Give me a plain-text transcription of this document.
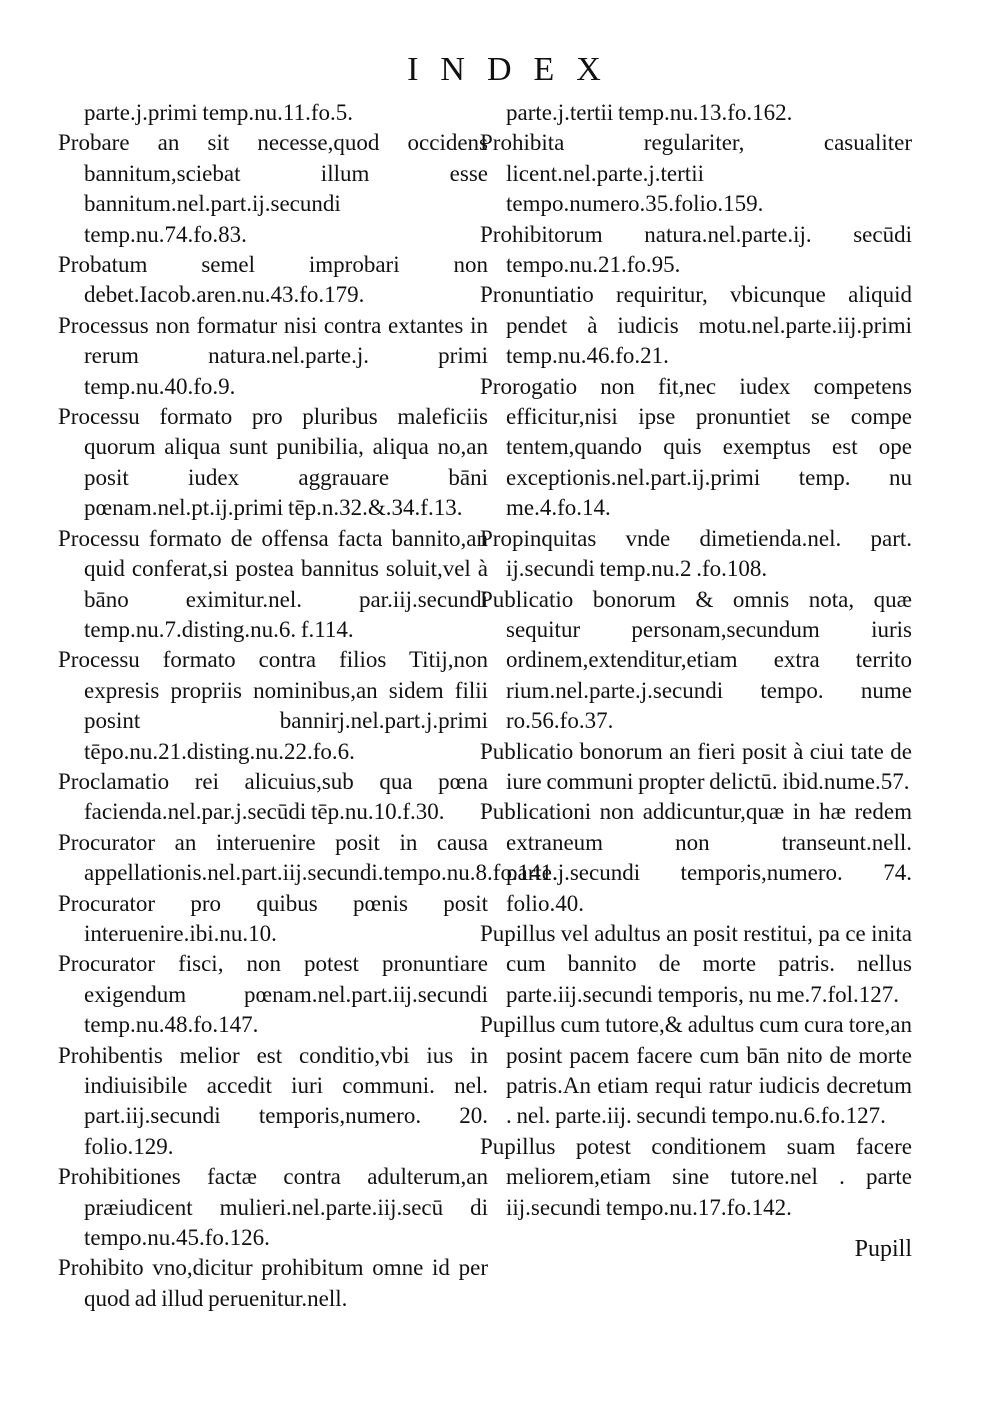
INDEX

parte.j.primi temp.nu.11.fo.5.

Probare an sit necesse,quod occidens bannitum,sciebat illum esse bannitum.nel.part.ij.secundi temp.nu.74.fo.83.

Probatum semel improbari non debet.Iacob.aren.nu.43.fo.179.

Processus non formatur nisi contra extantes in rerum natura.nel.parte.j. primi temp.nu.40.fo.9.

Processu formato pro pluribus maleficiis quorum aliqua sunt punibilia, aliqua no,an posit iudex aggrauare bāni pœnam.nel.pt.ij.primi tēp.n.32.&.34.f.13.

Processu formato de offensa facta bannito,an quid conferat,si postea bannitus soluit,vel à bāno eximitur.nel. par.iij.secundi temp.nu.7.disting.nu.6. f.114.

Processu formato contra filios Titij,non expresis propriis nominibus,an sidem filii posint bannirj.nel.part.j.primi tēpo.nu.21.disting.nu.22.fo.6.

Proclamatio rei alicuius,sub qua pœna facienda.nel.par.j.secūdi tēp.nu.10.f.30.

Procurator an interuenire posit in causa appellationis.nel.part.iij.secundi.tempo.nu.8.fo.141.

Procurator pro quibus pœnis posit interuenire.ibi.nu.10.

Procurator fisci, non potest pronuntiare exigendum pœnam.nel.part.iij.secundi temp.nu.48.fo.147.

Prohibentis melior est conditio,vbi ius in indiuisibile accedit iuri communi. nel. part.iij.secundi temporis,numero. 20. folio.129.

Prohibitiones factæ contra adulterum,an præiudicent mulieri.nel.parte.iij.secū di tempo.nu.45.fo.126.

Prohibito vno,dicitur prohibitum omne id per quod ad illud peruenitur.nell.

parte.j.tertii temp.nu.13.fo.162.

Prohibita regulariter, casualiter licent.nel.parte.j.tertii tempo.numero.35.folio.159.

Prohibitorum natura.nel.parte.ij. secūdi tempo.nu.21.fo.95.

Pronuntiatio requiritur, vbicunque aliquid pendet à iudicis motu.nel.parte.iij.primi temp.nu.46.fo.21.

Prorogatio non fit,nec iudex competens efficitur,nisi ipse pronuntiet se compe tentem,quando quis exemptus est ope exceptionis.nel.part.ij.primi temp. nu me.4.fo.14.

Propinquitas vnde dimetienda.nel. part. ij.secundi temp.nu.2 .fo.108.

Publicatio bonorum & omnis nota, quæ sequitur personam,secundum iuris ordinem,extenditur,etiam extra territo rium.nel.parte.j.secundi tempo. nume ro.56.fo.37.

Publicatio bonorum an fieri posit à ciui tate de iure communi propter delictū. ibid.nume.57.

Publicationi non addicuntur,quæ in hæ redem extraneum non transeunt.nell. parte.j.secundi temporis,numero. 74. folio.40.

Pupillus vel adultus an posit restitui, pa ce inita cum bannito de morte patris. nellus parte.iij.secundi temporis, nu me.7.fol.127.

Pupillus cum tutore,& adultus cum cura tore,an posint pacem facere cum bān nito de morte patris.An etiam requi ratur iudicis decretum . nel. parte.iij. secundi tempo.nu.6.fo.127.

Pupillus potest conditionem suam facere meliorem,etiam sine tutore.nel . parte iij.secundi tempo.nu.17.fo.142.

Pupill
